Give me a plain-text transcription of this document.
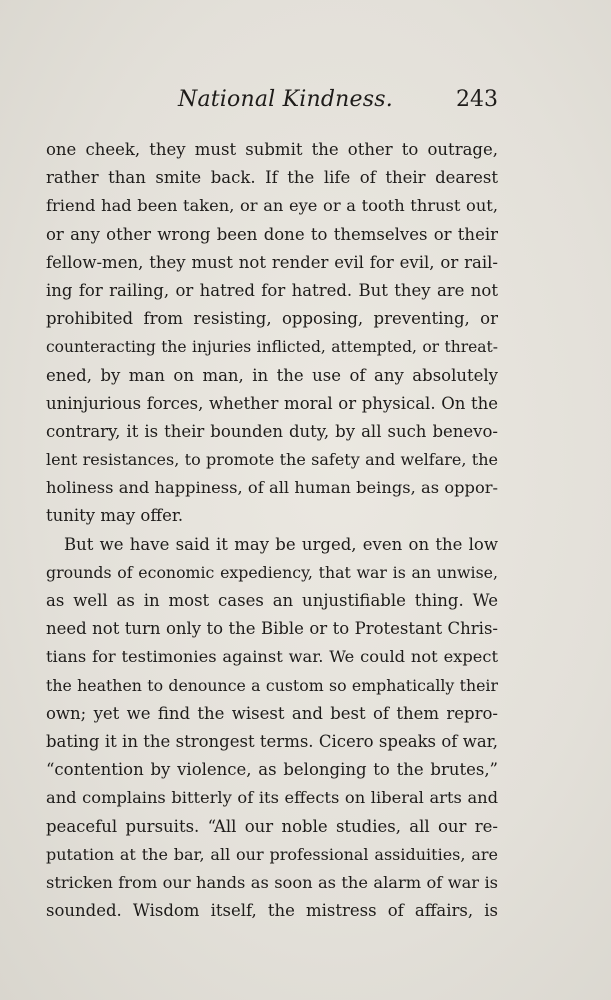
National Kindness.	243
one cheek, they must submit the other to outrage,
rather than smite back. If the life of their dearest
friend had been taken, or an eye or a tooth thrust out,
or any other wrong been done to themselves or their
fellow-men, they must not render evil for evil, or rail-
ing for railing, or hatred for hatred. But they are not
prohibited from resisting, opposing, preventing, or
counteracting the injuries inflicted, attempted, or threat-
ened, by man on man, in the use of any absolutely
uninjurious forces, whether moral or physical. On the
contrary, it is their bounden duty, by all such benevo-
lent resistances, to promote the safety and welfare, the
holiness and happiness, of all human beings, as oppor-
tunity may offer.
But we have said it may be urged, even on the low
grounds of economic expediency, that war is an unwise,
as well as in most cases an unjustifiable thing. We
need not turn only to the Bible or to Protestant Chris-
tians for testimonies against war. We could not expect
the heathen to denounce a custom so emphatically their
own; yet we find the wisest and best of them repro-
bating it in the strongest terms. Cicero speaks of war,
“contention by violence, as belonging to the brutes,”
and complains bitterly of its effects on liberal arts and
peaceful pursuits. “All our noble studies, all our re-
putation at the bar, all our professional assiduities, are
stricken from our hands as soon as the alarm of war is
sounded. Wisdom itself, the mistress of affairs, is
